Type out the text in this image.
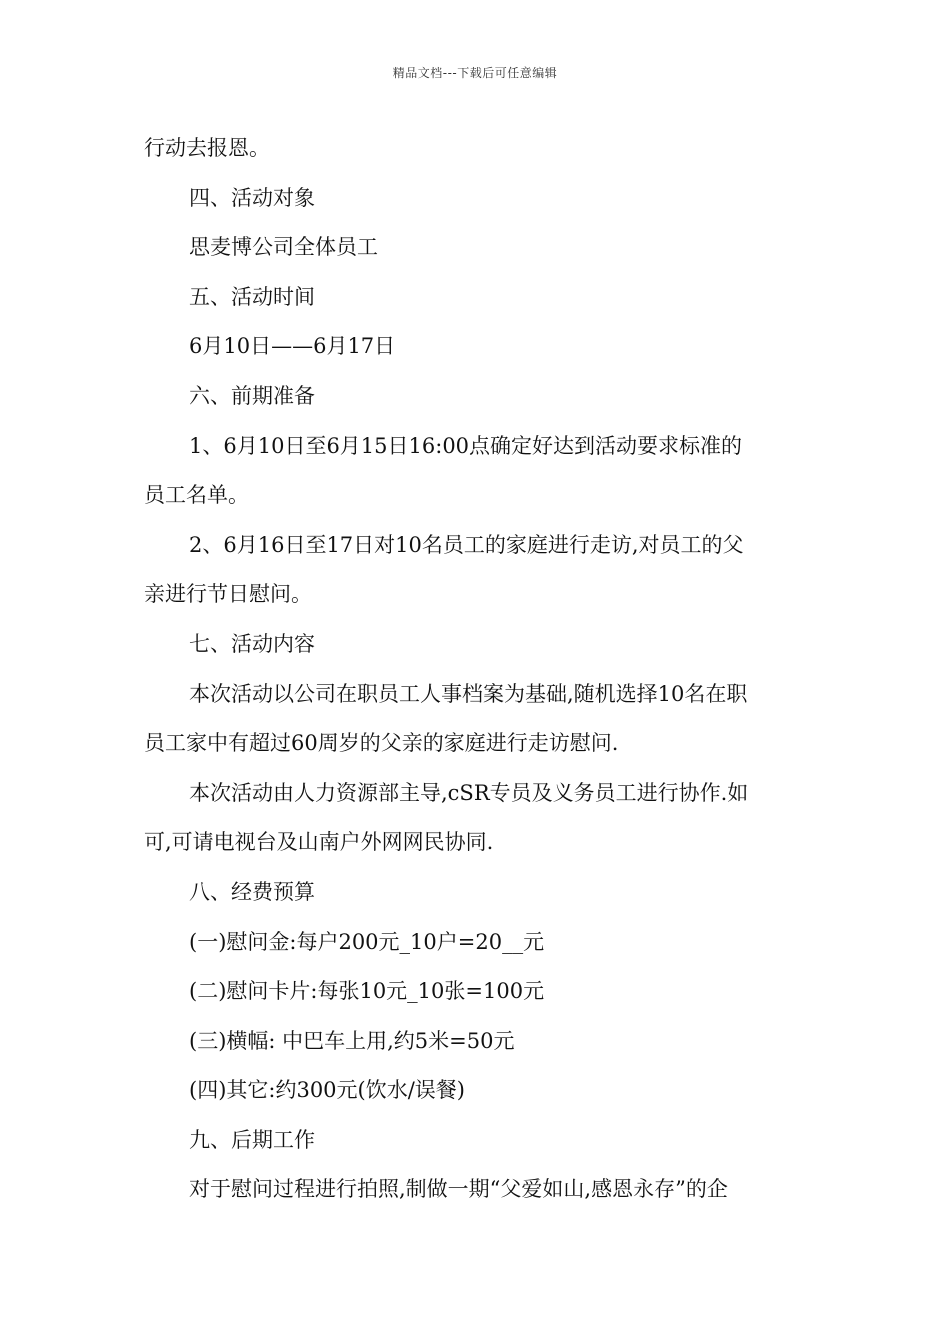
精品文档---下载后可任意编辑
行动去报恩。
四、活动对象
思麦博公司全体员工
五、活动时间
6月10日——6月17日
六、前期准备
1、6月10日至6月15日16:00点确定好达到活动要求标准的
员工名单。
2、6月16日至17日对10名员工的家庭进行走访,对员工的父
亲进行节日慰问。
七、活动内容
本次活动以公司在职员工人事档案为基础,随机选择10名在职
员工家中有超过60周岁的父亲的家庭进行走访慰问.
本次活动由人力资源部主导,cSR专员及义务员工进行协作.如
可,可请电视台及山南户外网网民协同.
八、经费预算
(一)慰问金:每户200元_10户=20__元
(二)慰问卡片:每张10元_10张=100元
(三)横幅: 中巴车上用,约5米=50元
(四)其它:约300元(饮水/误餐)
九、后期工作
对于慰问过程进行拍照,制做一期“父爱如山,感恩永存”的企
